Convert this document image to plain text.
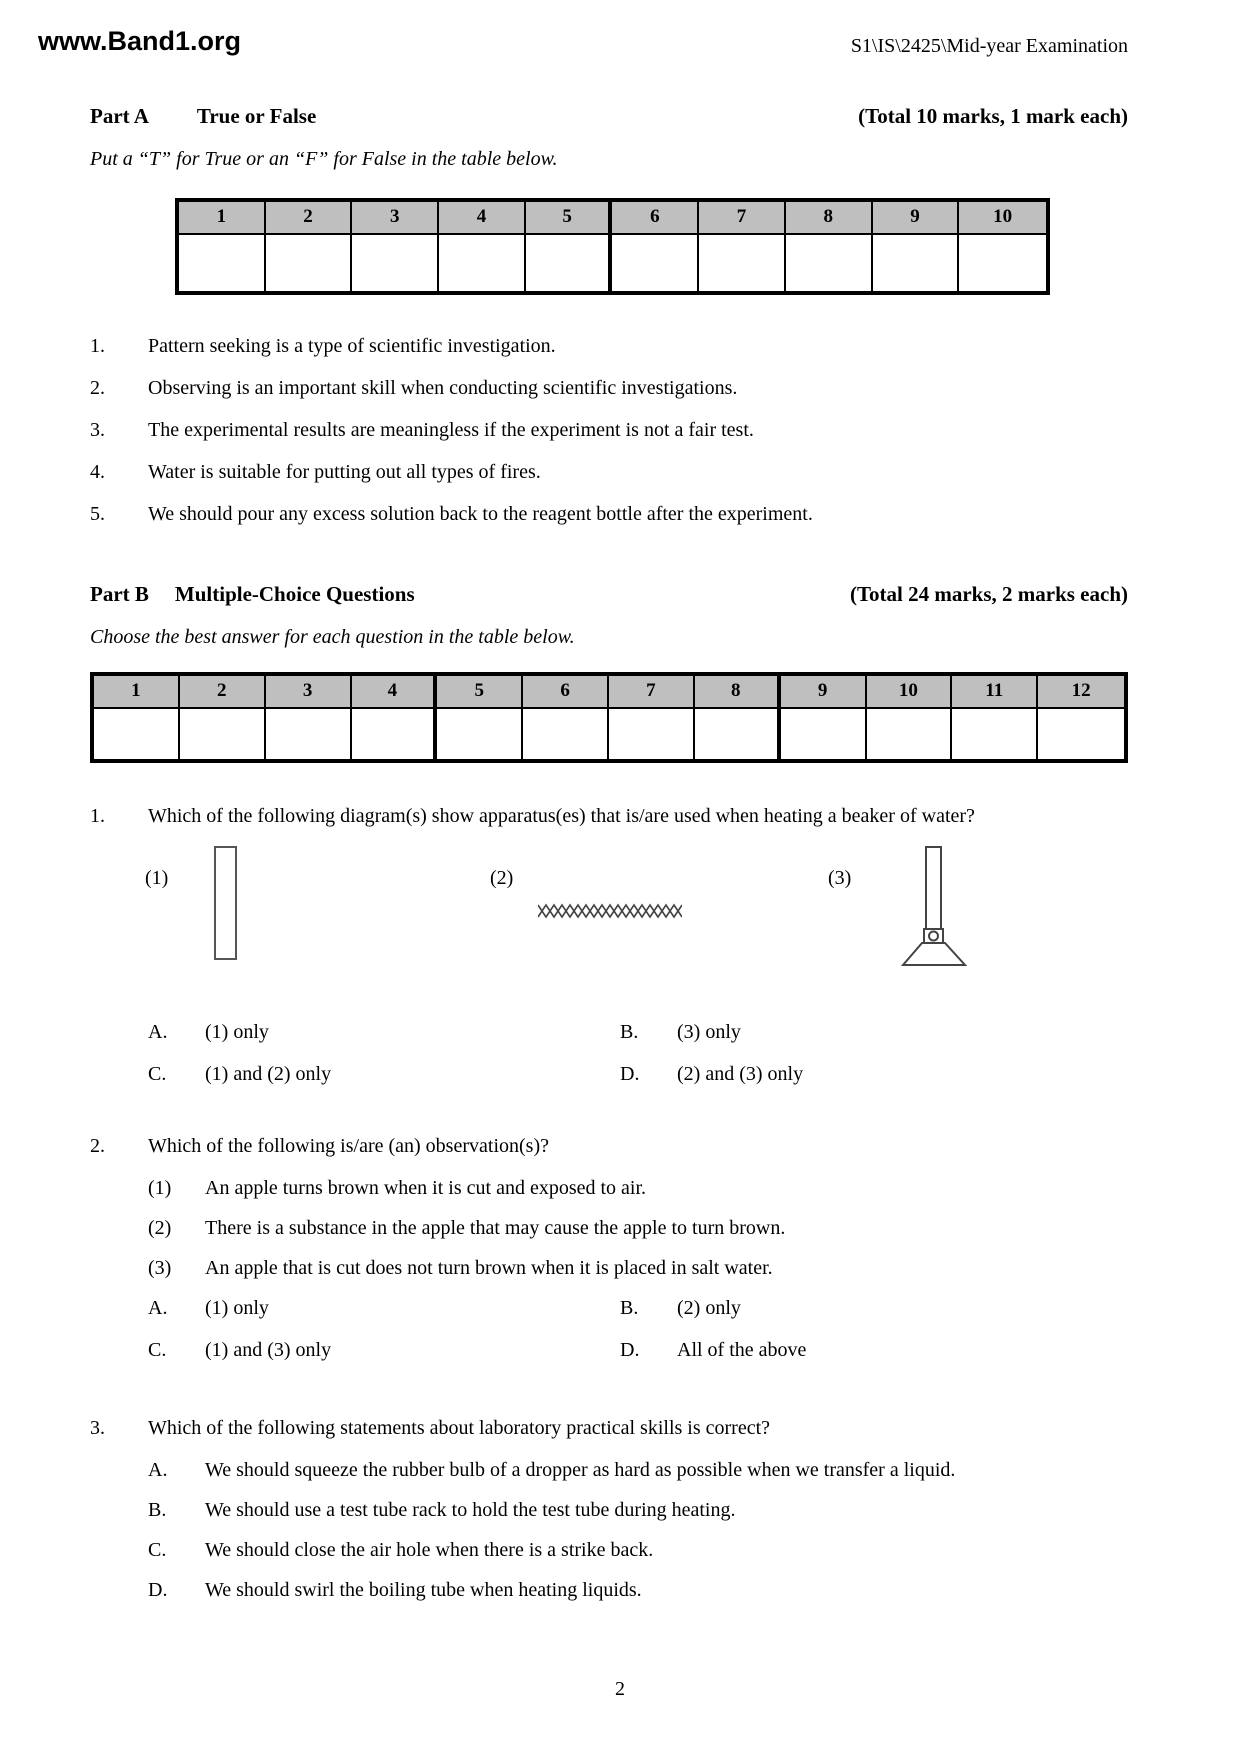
www.Band1.org	S1\IS\2425\Mid-year Examination
Part A True or False	(Total 10 marks, 1 mark each)
Put a “T” for True or an “F” for False in the table below.
1	2	3	4	5	6	7	8	9	10
1.	Pattern seeking is a type of scientific investigation.
2.	Observing is an important skill when conducting scientific investigations.
3.	The experimental results are meaningless if the experiment is not a fair test.
4.	Water is suitable for putting out all types of fires.
5.	We should pour any excess solution back to the reagent bottle after the experiment.
Part B Multiple-Choice Questions	(Total 24 marks, 2 marks each)
Choose the best answer for each question in the table below.
1	2	3	4	5	6	7	8	9	10	11	12
1.	Which of the following diagram(s) show apparatus(es) that is/are used when heating a beaker of water?
(1)	(2)	(3)
A.	(1) only	B.	(3) only
C.	(1) and (2) only	D.	(2) and (3) only
2.	Which of the following is/are (an) observation(s)?
(1)	An apple turns brown when it is cut and exposed to air.
(2)	There is a substance in the apple that may cause the apple to turn brown.
(3)	An apple that is cut does not turn brown when it is placed in salt water.
A.	(1) only	B.	(2) only
C.	(1) and (3) only	D.	All of the above
3.	Which of the following statements about laboratory practical skills is correct?
A.	We should squeeze the rubber bulb of a dropper as hard as possible when we transfer a liquid.
B.	We should use a test tube rack to hold the test tube during heating.
C.	We should close the air hole when there is a strike back.
D.	We should swirl the boiling tube when heating liquids.
2
